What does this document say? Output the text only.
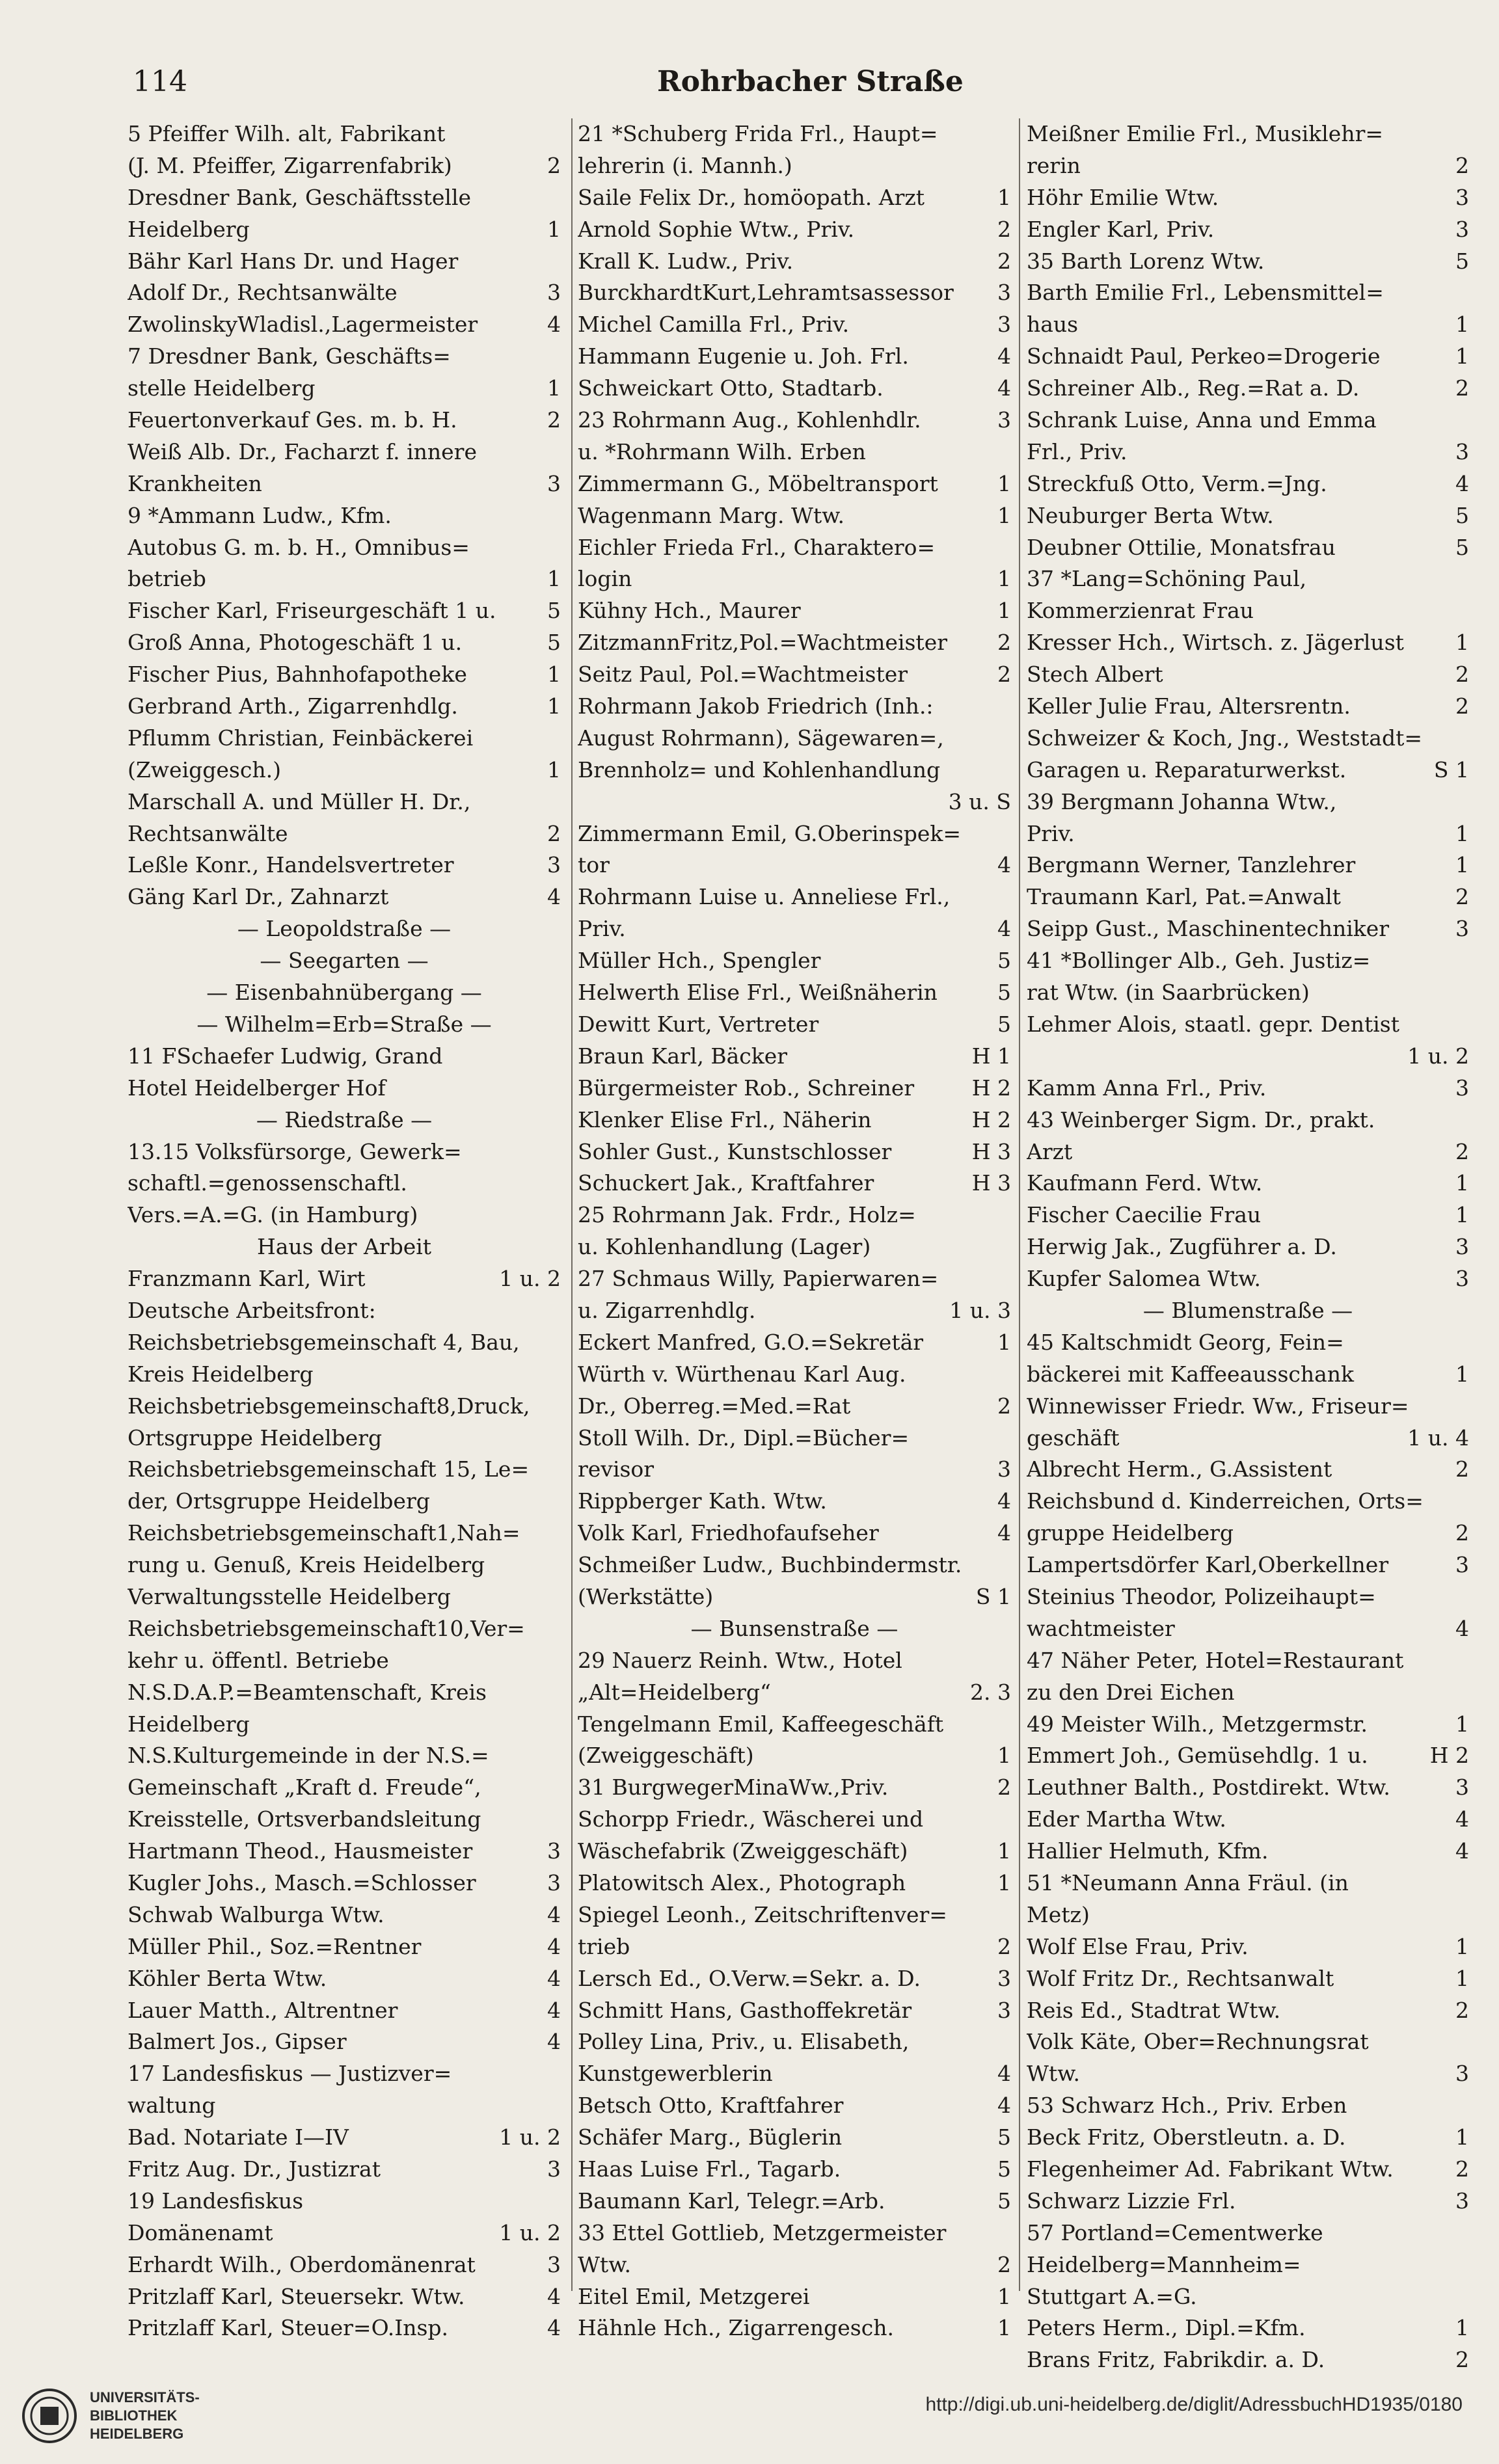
114	Rohrbacher Straße
5 Pfeiffer Wilh. alt, Fabrikant
(J. M. Pfeiffer, Zigarrenfabrik)	2
Dresdner Bank, Geschäftsstelle
Heidelberg	1
Bähr Karl Hans Dr. und Hager
Adolf Dr., Rechtsanwälte	3
ZwolinskyWladisl.,Lagermeister	4
7 Dresdner Bank, Geschäfts=
stelle Heidelberg	1
Feuertonverkauf Ges. m. b. H.	2
Weiß Alb. Dr., Facharzt f. innere
Krankheiten	3
9 *Ammann Ludw., Kfm.
Autobus G. m. b. H., Omnibus=
betrieb	1
Fischer Karl, Friseurgeschäft 1 u. 5
Groß Anna, Photogeschäft 1 u.	5
Fischer Pius, Bahnhofapotheke	1
Gerbrand Arth., Zigarrenhdlg.	1
Pflumm Christian, Feinbäckerei
(Zweiggesch.)	1
Marschall A. und Müller H. Dr.,
Rechtsanwälte	2
Leßle Konr., Handelsvertreter	3
Gäng Karl Dr., Zahnarzt	4
— Leopoldstraße —
— Seegarten —
— Eisenbahnübergang —
— Wilhelm=Erb=Straße —
11 FSchaefer Ludwig, Grand
Hotel Heidelberger Hof
— Riedstraße —
13.15 Volksfürsorge, Gewerk=
schaftl.=genossenschaftl.
Vers.=A.=G. (in Hamburg)
Haus der Arbeit
Franzmann Karl, Wirt	1 u. 2
Deutsche Arbeitsfront:
Reichsbetriebsgemeinschaft 4, Bau,
Kreis Heidelberg
Reichsbetriebsgemeinschaft8,Druck,
Ortsgruppe Heidelberg
Reichsbetriebsgemeinschaft 15, Le=
der, Ortsgruppe Heidelberg
Reichsbetriebsgemeinschaft1,Nah=
rung u. Genuß, Kreis Heidelberg
Verwaltungsstelle Heidelberg
Reichsbetriebsgemeinschaft10,Ver=
kehr u. öffentl. Betriebe
N.S.D.A.P.=Beamtenschaft, Kreis
Heidelberg
N.S.Kulturgemeinde in der N.S.=
Gemeinschaft „Kraft d. Freude“,
Kreisstelle, Ortsverbandsleitung
Hartmann Theod., Hausmeister	3
Kugler Johs., Masch.=Schlosser	3
Schwab Walburga Wtw.	4
Müller Phil., Soz.=Rentner	4
Köhler Berta Wtw.	4
Lauer Matth., Altrentner	4
Balmert Jos., Gipser	4
17 Landesfiskus — Justizver=
waltung
Bad. Notariate I—IV	1 u. 2
Fritz Aug. Dr., Justizrat	3
19 Landesfiskus
Domänenamt	1 u. 2
Erhardt Wilh., Oberdomänenrat	3
Pritzlaff Karl, Steuersekr. Wtw.	4
Pritzlaff Karl, Steuer=O.Insp.	4
21 *Schuberg Frida Frl., Haupt=
lehrerin (i. Mannh.)
Saile Felix Dr., homöopath. Arzt	1
Arnold Sophie Wtw., Priv.	2
Krall K. Ludw., Priv.	2
BurckhardtKurt,Lehramtsassessor 3
Michel Camilla Frl., Priv.	3
Hammann Eugenie u. Joh. Frl.	4
Schweickart Otto, Stadtarb.	4
23 Rohrmann Aug., Kohlenhdlr.	3
u. *Rohrmann Wilh. Erben
Zimmermann G., Möbeltransport	1
Wagenmann Marg. Wtw.	1
Eichler Frieda Frl., Charaktero=
login	1
Kühny Hch., Maurer	1
ZitzmannFritz,Pol.=Wachtmeister 2
Seitz Paul, Pol.=Wachtmeister	2
Rohrmann Jakob Friedrich (Inh.:
August Rohrmann), Sägewaren=,
Brennholz= und Kohlenhandlung
3 u. S
Zimmermann Emil, G.Oberinspek=
tor	4
Rohrmann Luise u. Anneliese Frl.,
Priv.	4
Müller Hch., Spengler	5
Helwerth Elise Frl., Weißnäherin	5
Dewitt Kurt, Vertreter	5
Braun Karl, Bäcker	H 1
Bürgermeister Rob., Schreiner	H 2
Klenker Elise Frl., Näherin	H 2
Sohler Gust., Kunstschlosser	H 3
Schuckert Jak., Kraftfahrer	H 3
25 Rohrmann Jak. Frdr., Holz=
u. Kohlenhandlung (Lager)
27 Schmaus Willy, Papierwaren=
u. Zigarrenhdlg.	1 u. 3
Eckert Manfred, G.O.=Sekretär	1
Würth v. Würthenau Karl Aug.
Dr., Oberreg.=Med.=Rat	2
Stoll Wilh. Dr., Dipl.=Bücher=
revisor	3
Rippberger Kath. Wtw.	4
Volk Karl, Friedhofaufseher	4
Schmeißer Ludw., Buchbindermstr.
(Werkstätte)	S 1
— Bunsenstraße —
29 Nauerz Reinh. Wtw., Hotel
„Alt=Heidelberg“	2. 3
Tengelmann Emil, Kaffeegeschäft
(Zweiggeschäft)	1
31 BurgwegerMinaWw.,Priv.	2
Schorpp Friedr., Wäscherei und
Wäschefabrik (Zweiggeschäft)	1
Platowitsch Alex., Photograph	1
Spiegel Leonh., Zeitschriftenver=
trieb	2
Lersch Ed., O.Verw.=Sekr. a. D.	3
Schmitt Hans, Gasthoffekretär	3
Polley Lina, Priv., u. Elisabeth,
Kunstgewerblerin	4
Betsch Otto, Kraftfahrer	4
Schäfer Marg., Büglerin	5
Haas Luise Frl., Tagarb.	5
Baumann Karl, Telegr.=Arb.	5
33 Ettel Gottlieb, Metzgermeister
Wtw.	2
Eitel Emil, Metzgerei	1
Hähnle Hch., Zigarrengesch.	1
Meißner Emilie Frl., Musiklehr=
rerin	2
Höhr Emilie Wtw.	3
Engler Karl, Priv.	3
35 Barth Lorenz Wtw.	5
Barth Emilie Frl., Lebensmittel=
haus	1
Schnaidt Paul, Perkeo=Drogerie	1
Schreiner Alb., Reg.=Rat a. D.	2
Schrank Luise, Anna und Emma
Frl., Priv.	3
Streckfuß Otto, Verm.=Jng.	4
Neuburger Berta Wtw.	5
Deubner Ottilie, Monatsfrau	5
37 *Lang=Schöning Paul,
Kommerzienrat Frau
Kresser Hch., Wirtsch. z. Jägerlust 1
Stech Albert	2
Keller Julie Frau, Altersrentn.	2
Schweizer & Koch, Jng., Weststadt=
Garagen u. Reparaturwerkst.	S 1
39 Bergmann Johanna Wtw.,
Priv.	1
Bergmann Werner, Tanzlehrer	1
Traumann Karl, Pat.=Anwalt	2
Seipp Gust., Maschinentechniker	3
41 *Bollinger Alb., Geh. Justiz=
rat Wtw. (in Saarbrücken)
Lehmer Alois, staatl. gepr. Dentist
1 u. 2
Kamm Anna Frl., Priv.	3
43 Weinberger Sigm. Dr., prakt.
Arzt	2
Kaufmann Ferd. Wtw.	1
Fischer Caecilie Frau	1
Herwig Jak., Zugführer a. D.	3
Kupfer Salomea Wtw.	3
— Blumenstraße —
45 Kaltschmidt Georg, Fein=
bäckerei mit Kaffeeausschank	1
Winnewisser Friedr. Ww., Friseur=
geschäft	1 u. 4
Albrecht Herm., G.Assistent	2
Reichsbund d. Kinderreichen, Orts=
gruppe Heidelberg	2
Lampertsdörfer Karl,Oberkellner	3
Steinius Theodor, Polizeihaupt=
wachtmeister	4
47 Näher Peter, Hotel=Restaurant
zu den Drei Eichen
49 Meister Wilh., Metzgermstr.	1
Emmert Joh., Gemüsehdlg. 1 u.	H 2
Leuthner Balth., Postdirekt. Wtw.	3
Eder Martha Wtw.	4
Hallier Helmuth, Kfm.	4
51 *Neumann Anna Fräul. (in
Metz)
Wolf Else Frau, Priv.	1
Wolf Fritz Dr., Rechtsanwalt	1
Reis Ed., Stadtrat Wtw.	2
Volk Käte, Ober=Rechnungsrat
Wtw.	3
53 Schwarz Hch., Priv. Erben
Beck Fritz, Oberstleutn. a. D.	1
Flegenheimer Ad. Fabrikant Wtw.	2
Schwarz Lizzie Frl.	3
57 Portland=Cementwerke
Heidelberg=Mannheim=
Stuttgart A.=G.
Peters Herm., Dipl.=Kfm.	1
Brans Fritz, Fabrikdir. a. D.	2
UNIVERSITÄTS-
BIBLIOTHEK
HEIDELBERG
http://digi.ub.uni-heidelberg.de/diglit/AdressbuchHD1935/0180
